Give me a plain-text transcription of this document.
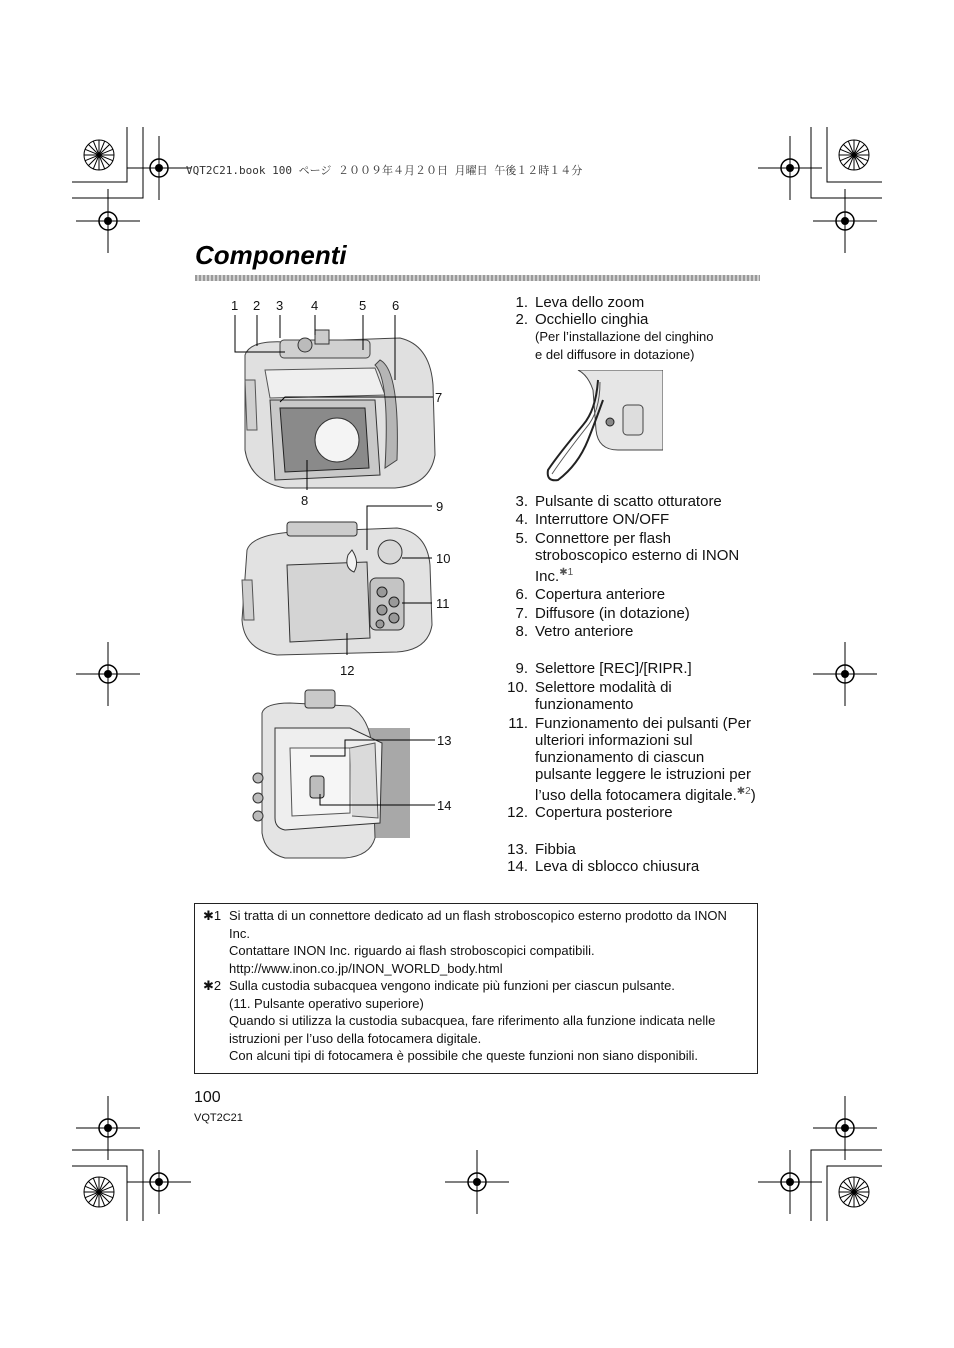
VQT2C21.book 100 ページ ２００９年４月２０日 月曜日 午後１２時１４分
Componenti
1 2 3 4	5 6
7
8	9
10
11
12
13
14
1. Leva dello zoom
2. Occhiello cinghia
(Per l’installazione del cinghino
e del diffusore in dotazione)
3. Pulsante di scatto otturatore
4. Interruttore ON/OFF
5. Connettore per flash stroboscopico esterno di INON Inc.$^{✱1}$
6. Copertura anteriore
7. Diffusore (in dotazione)
8. Vetro anteriore
9. Selettore [REC]/[RIPR.]
10. Selettore modalità di funzionamento
11. Funzionamento dei pulsanti (Per ulteriori informazioni sul funzionamento di ciascun pulsante leggere le istruzioni per l’uso della fotocamera digitale.$^{✱2}$)
12. Copertura posteriore
13. Fibbia
14. Leva di sblocco chiusura
✱1 Si tratta di un connettore dedicato ad un flash stroboscopico esterno prodotto da INON Inc.
Contattare INON Inc. riguardo ai flash stroboscopici compatibili.
http://www.inon.co.jp/INON_WORLD_body.html
✱2 Sulla custodia subacquea vengono indicate più funzioni per ciascun pulsante.
(11. Pulsante operativo superiore)
Quando si utilizza la custodia subacquea, fare riferimento alla funzione indicata nelle istruzioni per l’uso della fotocamera digitale.
Con alcuni tipi di fotocamera è possibile che queste funzioni non siano disponibili.
100
VQT2C21
